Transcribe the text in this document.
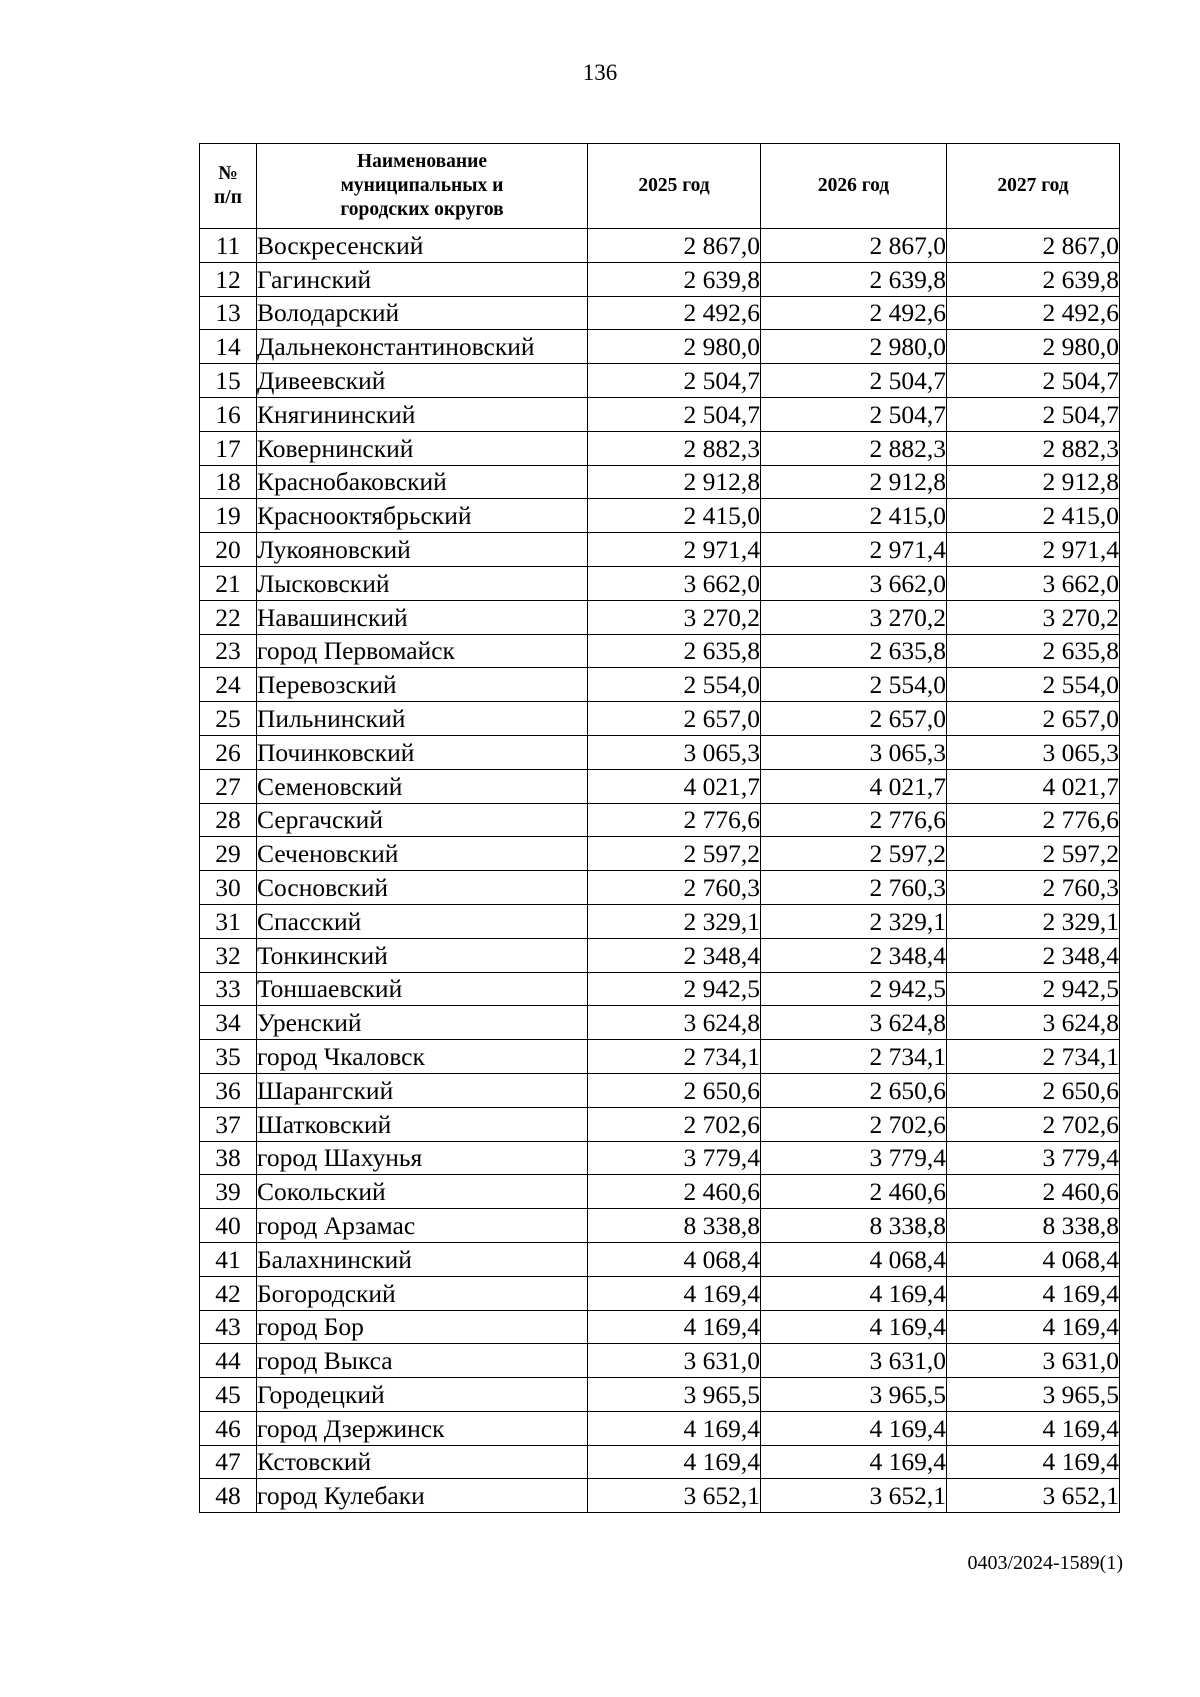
136
№ п/п	Наименование муниципальных и городских округов	2025 год	2026 год	2027 год
11	Воскресенский	2 867,0	2 867,0	2 867,0
12	Гагинский	2 639,8	2 639,8	2 639,8
13	Володарский	2 492,6	2 492,6	2 492,6
14	Дальнеконстантиновский	2 980,0	2 980,0	2 980,0
15	Дивеевский	2 504,7	2 504,7	2 504,7
16	Княгининский	2 504,7	2 504,7	2 504,7
17	Ковернинский	2 882,3	2 882,3	2 882,3
18	Краснобаковский	2 912,8	2 912,8	2 912,8
19	Краснооктябрьский	2 415,0	2 415,0	2 415,0
20	Лукояновский	2 971,4	2 971,4	2 971,4
21	Лысковский	3 662,0	3 662,0	3 662,0
22	Навашинский	3 270,2	3 270,2	3 270,2
23	город Первомайск	2 635,8	2 635,8	2 635,8
24	Перевозский	2 554,0	2 554,0	2 554,0
25	Пильнинский	2 657,0	2 657,0	2 657,0
26	Починковский	3 065,3	3 065,3	3 065,3
27	Семеновский	4 021,7	4 021,7	4 021,7
28	Сергачский	2 776,6	2 776,6	2 776,6
29	Сеченовский	2 597,2	2 597,2	2 597,2
30	Сосновский	2 760,3	2 760,3	2 760,3
31	Спасский	2 329,1	2 329,1	2 329,1
32	Тонкинский	2 348,4	2 348,4	2 348,4
33	Тоншаевский	2 942,5	2 942,5	2 942,5
34	Уренский	3 624,8	3 624,8	3 624,8
35	город Чкаловск	2 734,1	2 734,1	2 734,1
36	Шарангский	2 650,6	2 650,6	2 650,6
37	Шатковский	2 702,6	2 702,6	2 702,6
38	город Шахунья	3 779,4	3 779,4	3 779,4
39	Сокольский	2 460,6	2 460,6	2 460,6
40	город Арзамас	8 338,8	8 338,8	8 338,8
41	Балахнинский	4 068,4	4 068,4	4 068,4
42	Богородский	4 169,4	4 169,4	4 169,4
43	город Бор	4 169,4	4 169,4	4 169,4
44	город Выкса	3 631,0	3 631,0	3 631,0
45	Городецкий	3 965,5	3 965,5	3 965,5
46	город Дзержинск	4 169,4	4 169,4	4 169,4
47	Кстовский	4 169,4	4 169,4	4 169,4
48	город Кулебаки	3 652,1	3 652,1	3 652,1
0403/2024-1589(1)
